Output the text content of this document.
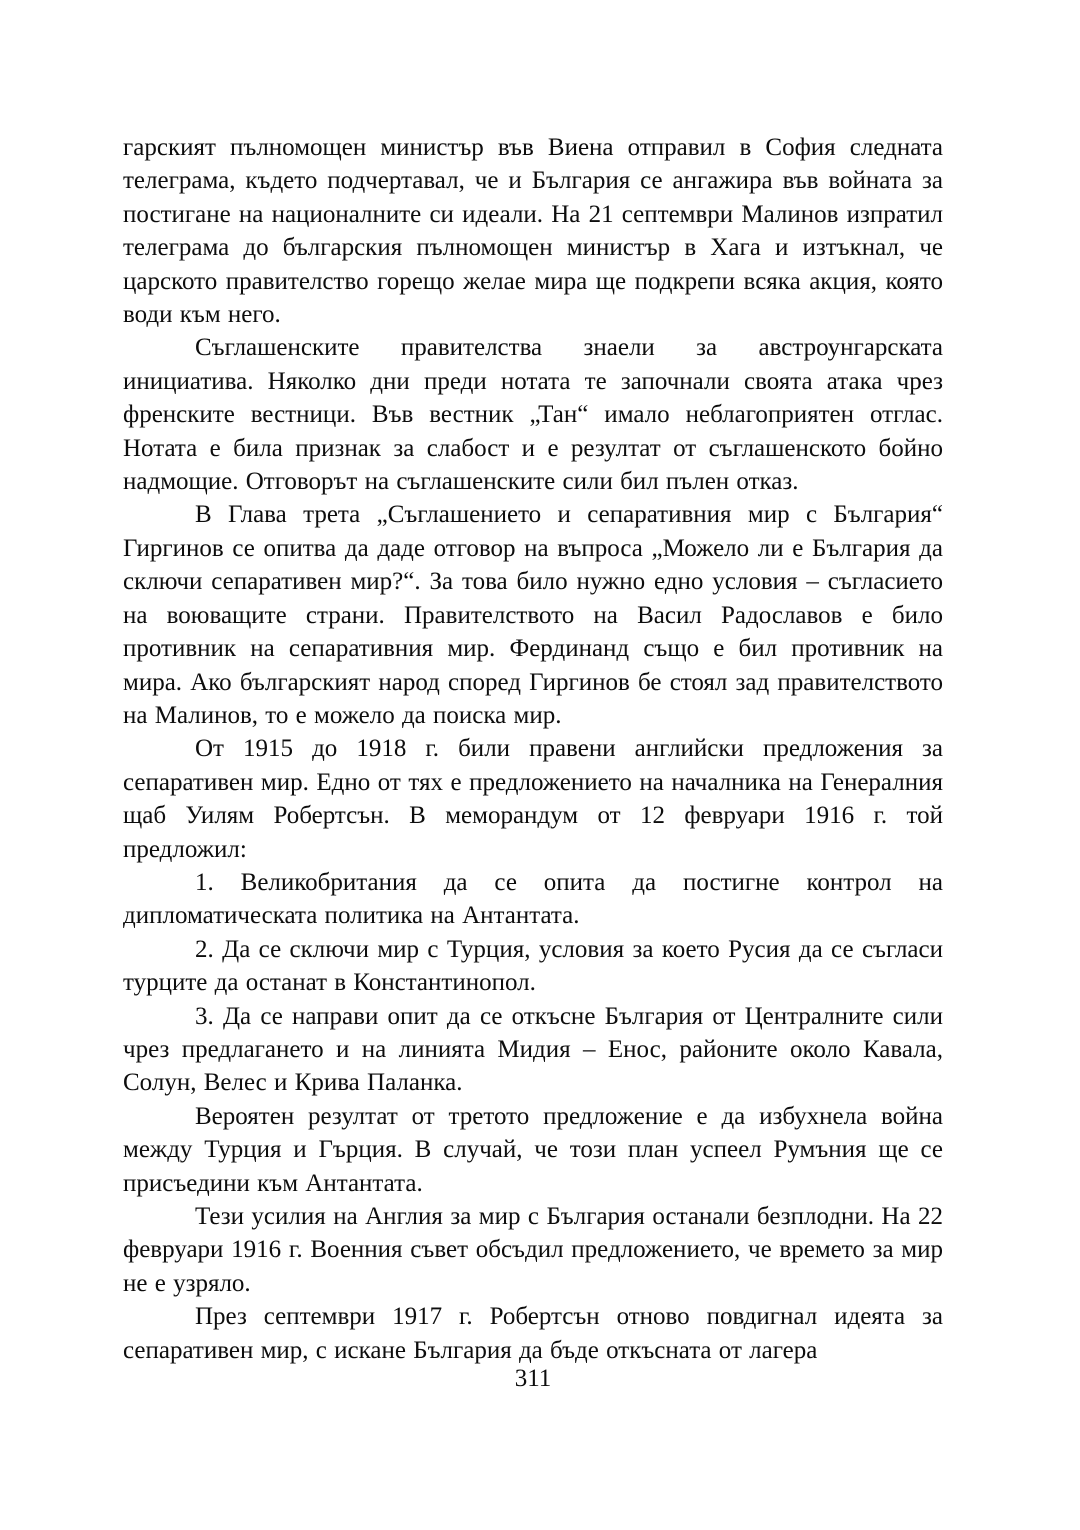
гарският пълномощен министър във Виена отправил в София следната телеграма, където подчертавал, че и България се ангажира във войната за постигане на националните си идеали. На 21 септември Малинов изпратил телеграма до българския пълномощен министър в Хага и изтъкнал, че царското правителство горещо желае мира ще подкрепи всяка акция, която води към него.

Съглашенските правителства знаели за австроунгарската инициатива. Няколко дни преди нотата те започнали своята атака чрез френските вестници. Във вестник „Тан“ имало неблагоприятен отглас. Нотата е била признак за слабост и е резултат от съглашенското бойно надмощие. Отговорът на съглашенските сили бил пълен отказ.

В Глава трета „Съглашението и сепаративния мир с България“ Гиргинов се опитва да даде отговор на въпроса „Можело ли е България да сключи сепаративен мир?“. За това било нужно едно условия – съгласието на воюващите страни. Правителството на Васил Радославов е било противник на сепаративния мир. Фердинанд също е бил противник на мира. Ако българският народ според Гиргинов бе стоял зад правителството на Малинов, то е можело да поиска мир.

От 1915 до 1918 г. били правени английски предложения за сепаративен мир. Едно от тях е предложението на началника на Генералния щаб Уилям Робертсън. В меморандум от 12 февруари 1916 г. той предложил:

1. Великобритания да се опита да постигне контрол на дипломатическата политика на Антантата.

2. Да се сключи мир с Турция, условия за което Русия да се съгласи турците да останат в Константинопол.

3. Да се направи опит да се откъсне България от Централните сили чрез предлагането и на линията Мидия – Енос, районите около Кавала, Солун, Велес и Крива Паланка.

Вероятен резултат от третото предложение е да избухнела война между Турция и Гърция. В случай, че този план успеел Румъния ще се присъедини към Антантата.

Тези усилия на Англия за мир с България останали безплодни. На 22 февруари 1916 г. Военния съвет обсъдил предложението, че времето за мир не е узряло.

През септември 1917 г. Робертсън отново повдигнал идеята за сепаративен мир, с искане България да бъде откъсната от лагера

311
